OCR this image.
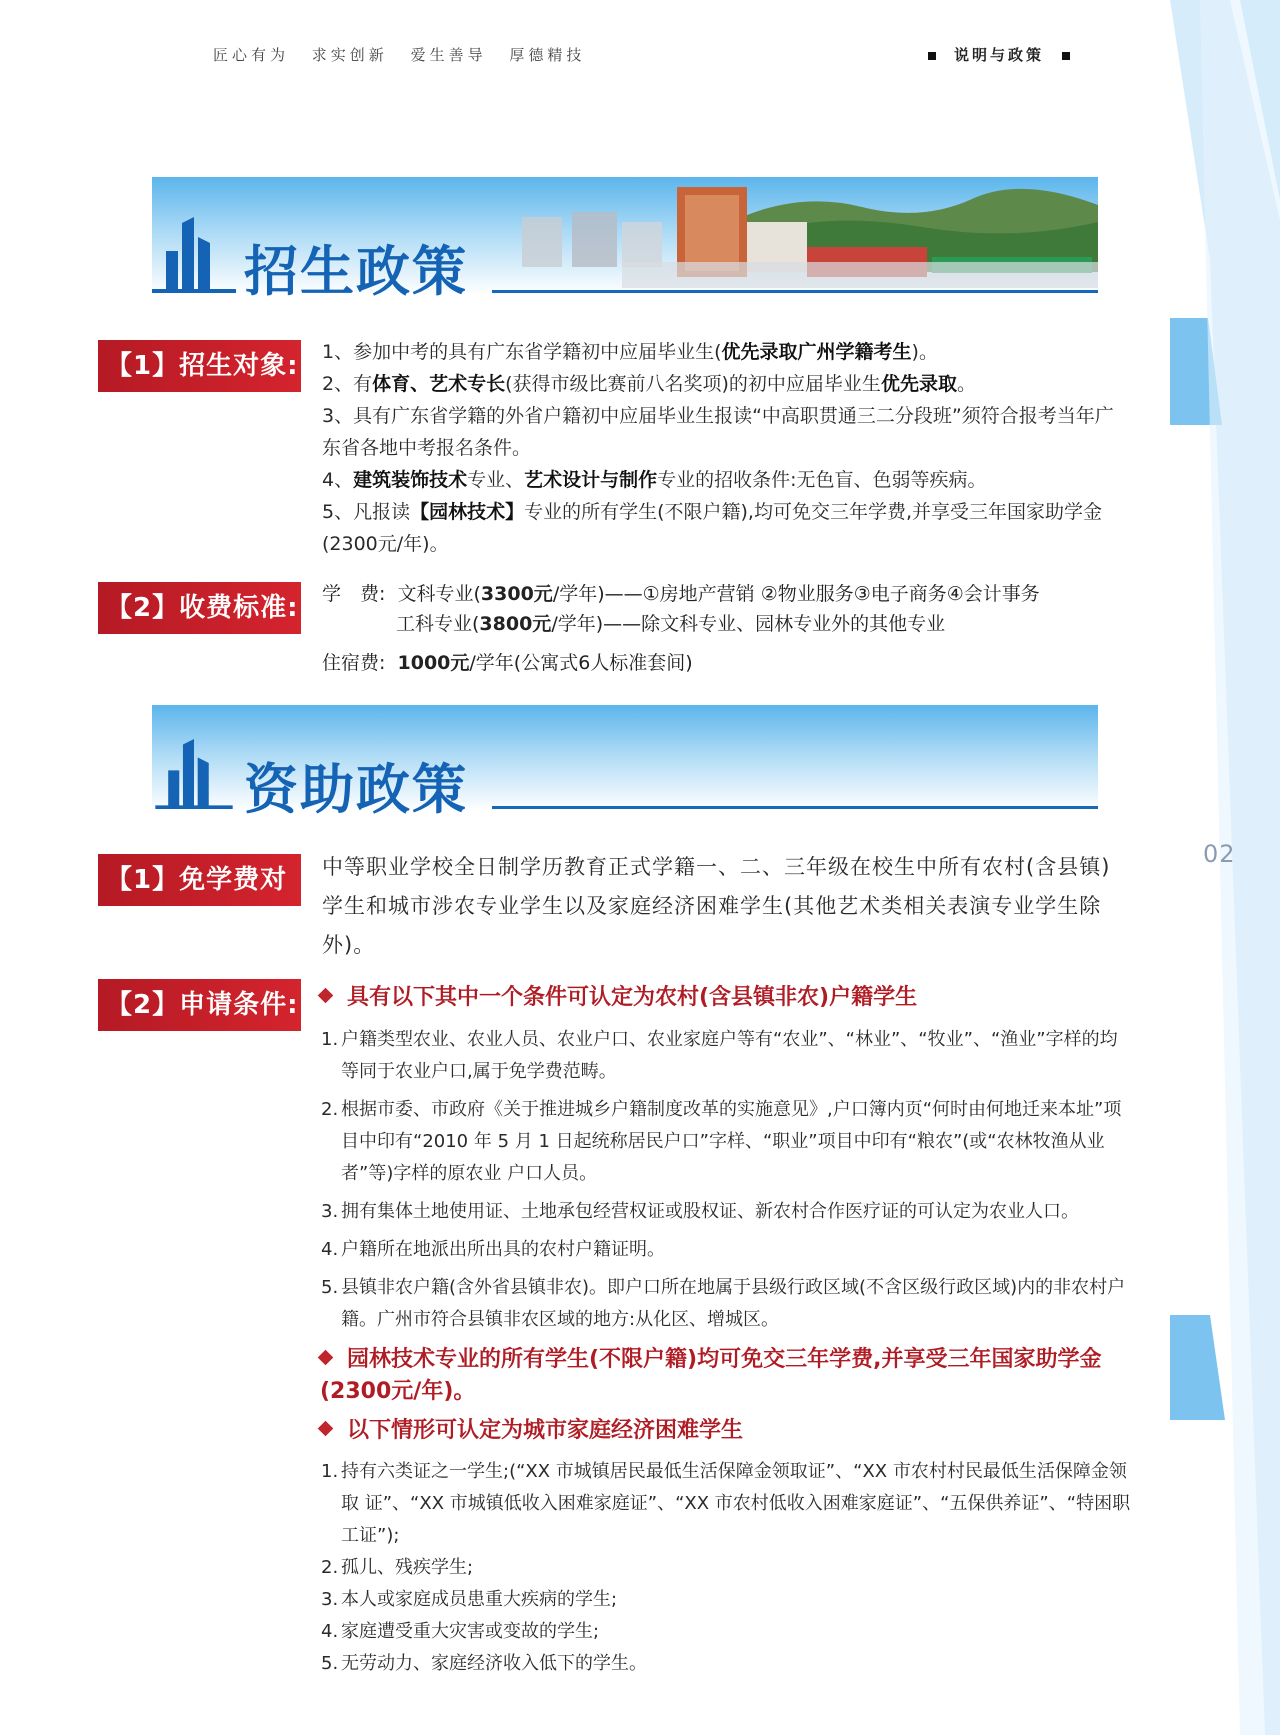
匠心有为 求实创新 爱生善导 厚德精技	说明与政策
招生政策
【1】招生对象: 1、参加中考的具有广东省学籍初中应届毕业生(优先录取广州学籍考生)。

2、有体育、艺术专长(获得市级比赛前八名奖项)的初中应届毕业生优先录取。

3、具有广东省学籍的外省户籍初中应届毕业生报读“中高职贯通三二分段班”须符合报考当年广东省各地中考报名条件。

4、建筑装饰技术专业、艺术设计与制作专业的招收条件:无色盲、色弱等疾病。

5、凡报读【园林技术】专业的所有学生(不限户籍),均可免交三年学费,并享受三年国家助学金(2300元/年)。

【2】收费标准: 学　费: 文科专业(3300元/学年)——①房地产营销 ②物业服务③电子商务④会计事务
工科专业(3800元/学年)——除文科专业、园林专业外的其他专业
住宿费: 1000元/学年(公寓式6人标准套间)
资助政策
【1】免学费对象:
中等职业学校全日制学历教育正式学籍一、二、三年级在校生中所有农村(含县镇)学生和城市涉农专业学生以及家庭经济困难学生(其他艺术类相关表演专业学生除外)。
【2】申请条件:	具有以下其中一个条件可认定为农村(含县镇非农)户籍学生
1. 户籍类型农业、农业人员、农业户口、农业家庭户等有“农业”、“林业”、“牧业”、“渔业”字样的均等同于农业户口,属于免学费范畴。
2. 根据市委、市政府《关于推进城乡户籍制度改革的实施意见》,户口簿内页“何时由何地迁来本址”项目中印有“2010 年 5 月 1 日起统称居民户口”字样、“职业”项目中印有“粮农”(或“农林牧渔从业者”等)字样的原农业 户口人员。
3. 拥有集体土地使用证、土地承包经营权证或股权证、新农村合作医疗证的可认定为农业人口。
4. 户籍所在地派出所出具的农村户籍证明。
5. 县镇非农户籍(含外省县镇非农)。即户口所在地属于县级行政区域(不含区级行政区域)内的非农村户籍。广州市符合县镇非农区域的地方:从化区、增城区。
园林技术专业的所有学生(不限户籍)均可免交三年学费,并享受三年国家助学金(2300元/年)。
以下情形可认定为城市家庭经济困难学生
1. 持有六类证之一学生;(“XX 市城镇居民最低生活保障金领取证”、“XX 市农村村民最低生活保障金领取 证”、“XX 市城镇低收入困难家庭证”、“XX 市农村低收入困难家庭证”、“五保供养证”、“特困职工证”);
2. 孤儿、残疾学生;
3. 本人或家庭成员患重大疾病的学生;
4. 家庭遭受重大灾害或变故的学生;
5. 无劳动力、家庭经济收入低下的学生。
02
